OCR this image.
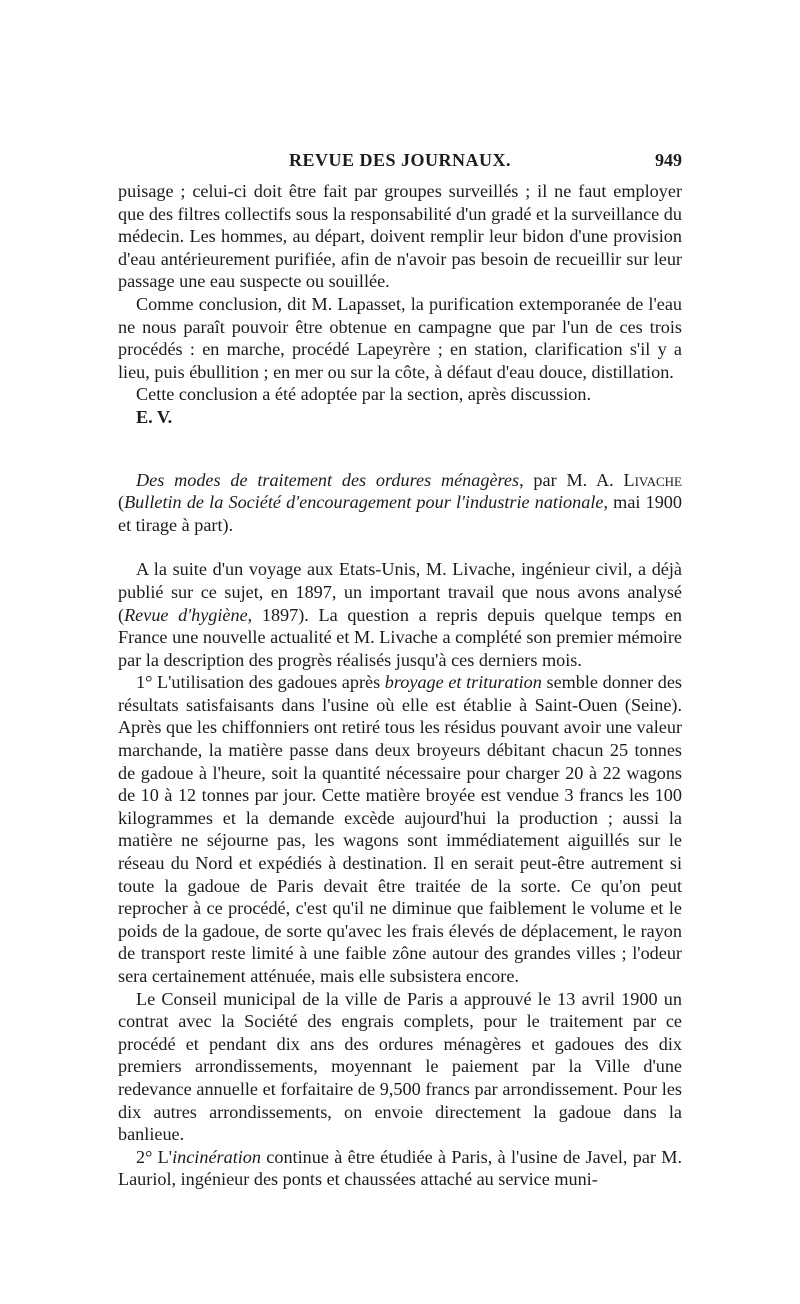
REVUE DES JOURNAUX.	949

puisage ; celui-ci doit être fait par groupes surveillés ; il ne faut employer que des filtres collectifs sous la responsabilité d'un gradé et la surveillance du médecin. Les hommes, au départ, doivent remplir leur bidon d'une provision d'eau antérieurement purifiée, afin de n'avoir pas besoin de recueillir sur leur passage une eau suspecte ou souillée.

Comme conclusion, dit M. Lapasset, la purification extemporanée de l'eau ne nous paraît pouvoir être obtenue en campagne que par l'un de ces trois procédés : en marche, procédé Lapeyrère ; en station, clarification s'il y a lieu, puis ébullition ; en mer ou sur la côte, à défaut d'eau douce, distillation.

Cette conclusion a été adoptée par la section, après discussion.

E. V.

Des modes de traitement des ordures ménagères, par M. A. Livache (Bulletin de la Société d'encouragement pour l'industrie nationale, mai 1900 et tirage à part).

A la suite d'un voyage aux Etats-Unis, M. Livache, ingénieur civil, a déjà publié sur ce sujet, en 1897, un important travail que nous avons analysé (Revue d'hygiène, 1897). La question a repris depuis quelque temps en France une nouvelle actualité et M. Livache a complété son premier mémoire par la description des progrès réalisés jusqu'à ces derniers mois.

1° L'utilisation des gadoues après broyage et trituration semble donner des résultats satisfaisants dans l'usine où elle est établie à Saint-Ouen (Seine). Après que les chiffonniers ont retiré tous les résidus pouvant avoir une valeur marchande, la matière passe dans deux broyeurs débitant chacun 25 tonnes de gadoue à l'heure, soit la quantité nécessaire pour charger 20 à 22 wagons de 10 à 12 tonnes par jour. Cette matière broyée est vendue 3 francs les 100 kilogrammes et la demande excède aujourd'hui la production ; aussi la matière ne séjourne pas, les wagons sont immédiatement aiguillés sur le réseau du Nord et expédiés à destination. Il en serait peut-être autrement si toute la gadoue de Paris devait être traitée de la sorte. Ce qu'on peut reprocher à ce procédé, c'est qu'il ne diminue que faiblement le volume et le poids de la gadoue, de sorte qu'avec les frais élevés de déplacement, le rayon de transport reste limité à une faible zône autour des grandes villes ; l'odeur sera certainement atténuée, mais elle subsistera encore.

Le Conseil municipal de la ville de Paris a approuvé le 13 avril 1900 un contrat avec la Société des engrais complets, pour le traitement par ce procédé et pendant dix ans des ordures ménagères et gadoues des dix premiers arrondissements, moyennant le paiement par la Ville d'une redevance annuelle et forfaitaire de 9,500 francs par arrondissement. Pour les dix autres arrondissements, on envoie directement la gadoue dans la banlieue.

2° L'incinération continue à être étudiée à Paris, à l'usine de Javel, par M. Lauriol, ingénieur des ponts et chaussées attaché au service muni-
